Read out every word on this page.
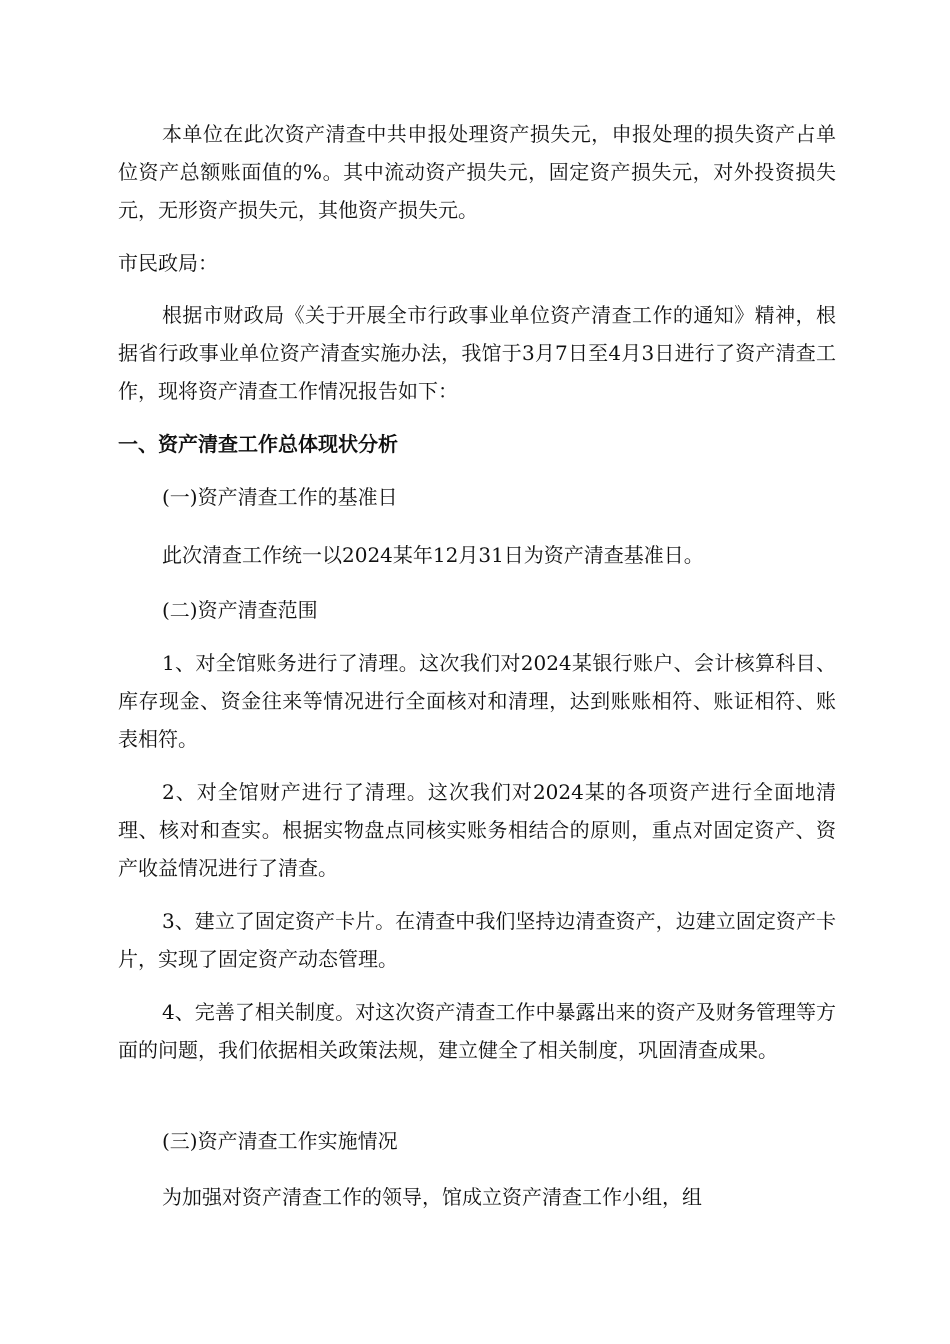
本单位在此次资产清查中共申报处理资产损失元，申报处理的损失资产占单位资产总额账面值的%。其中流动资产损失元，固定资产损失元，对外投资损失元，无形资产损失元，其他资产损失元。

市民政局：

根据市财政局《关于开展全市行政事业单位资产清查工作的通知》精神，根据省行政事业单位资产清查实施办法，我馆于3月7日至4月3日进行了资产清查工作，现将资产清查工作情况报告如下：

一、资产清查工作总体现状分析

(一)资产清查工作的基准日

此次清查工作统一以2024某年12月31日为资产清查基准日。

(二)资产清查范围

1、对全馆账务进行了清理。这次我们对2024某银行账户、会计核算科目、库存现金、资金往来等情况进行全面核对和清理，达到账账相符、账证相符、账表相符。

2、对全馆财产进行了清理。这次我们对2024某的各项资产进行全面地清理、核对和查实。根据实物盘点同核实账务相结合的原则，重点对固定资产、资产收益情况进行了清查。

3、建立了固定资产卡片。在清查中我们坚持边清查资产，边建立固定资产卡片，实现了固定资产动态管理。

4、完善了相关制度。对这次资产清查工作中暴露出来的资产及财务管理等方面的问题，我们依据相关政策法规，建立健全了相关制度，巩固清查成果。

(三)资产清查工作实施情况

为加强对资产清查工作的领导，馆成立资产清查工作小组，组
